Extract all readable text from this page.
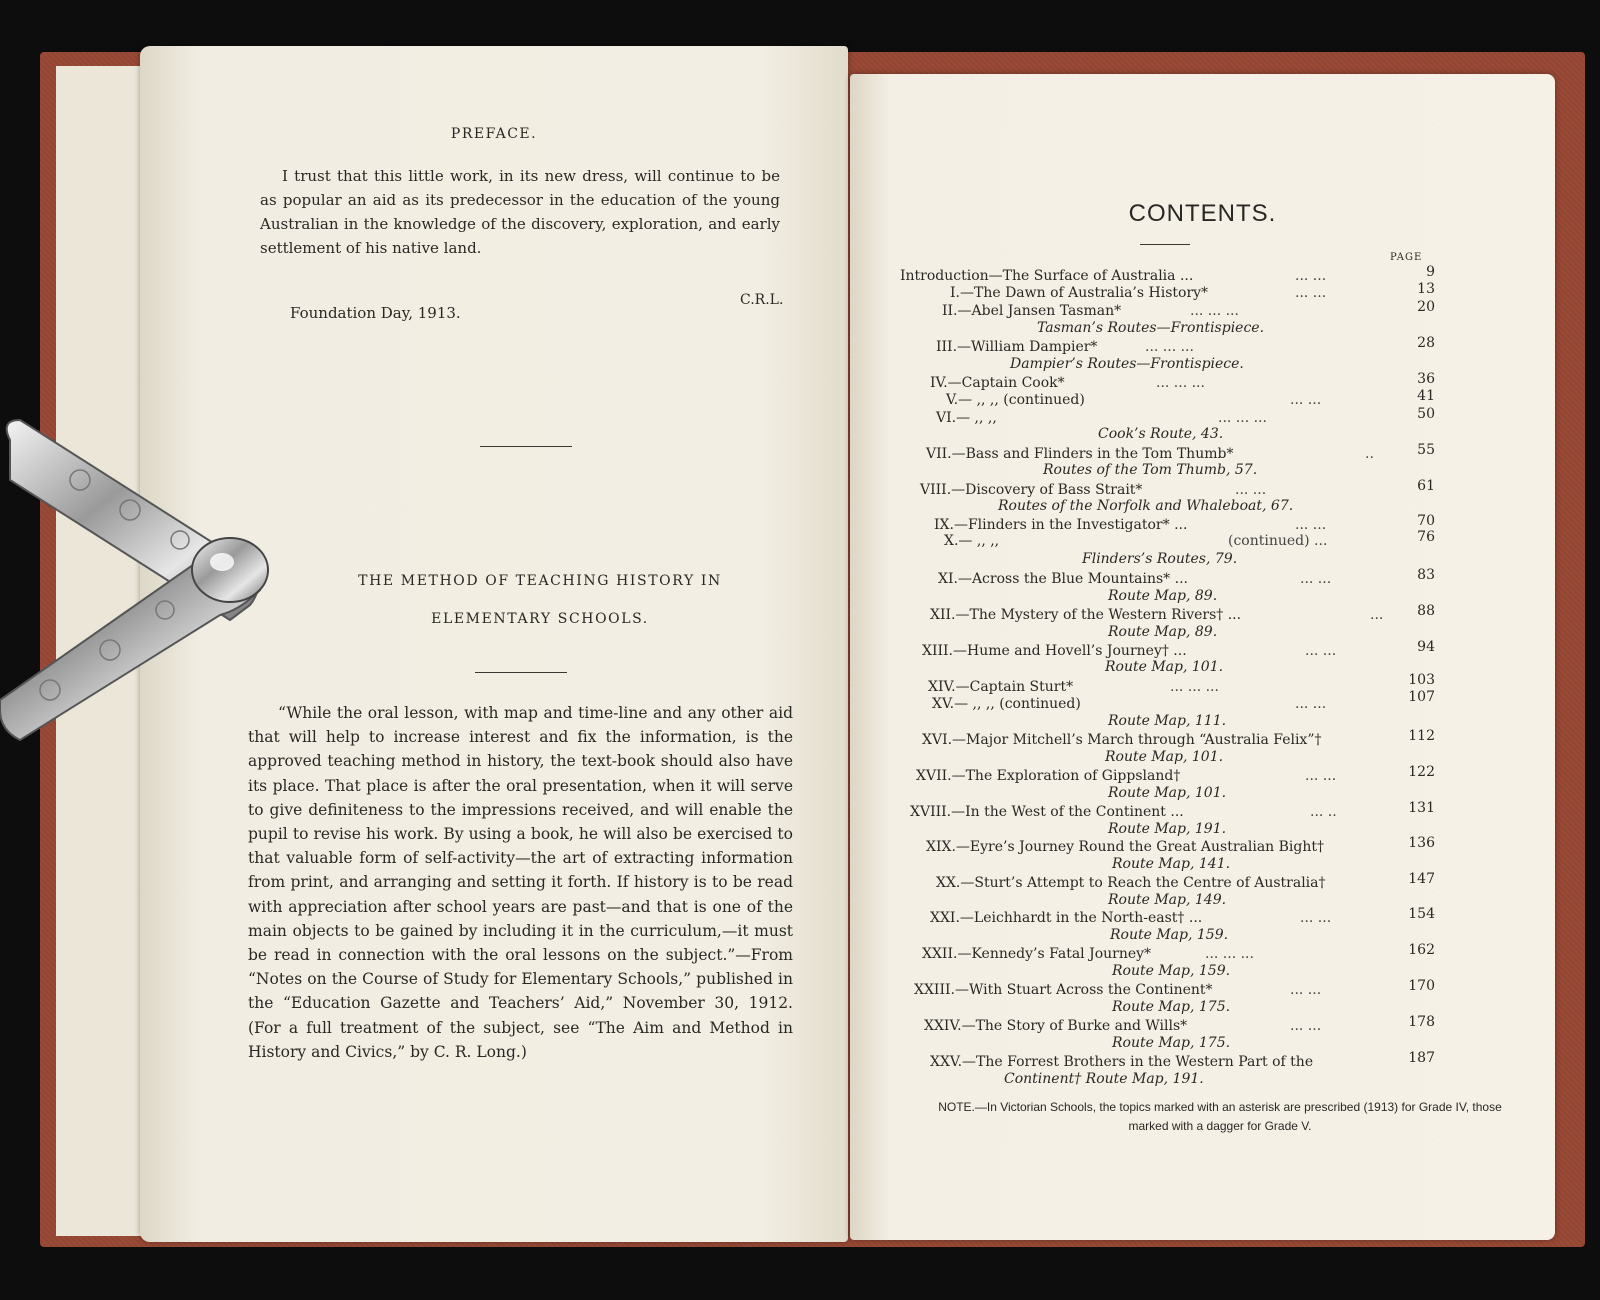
PREFACE.
I trust that this little work, in its new dress, will continue to be as popular an aid as its predecessor in the education of the young Australian in the knowledge of the discovery, exploration, and early settlement of his native land.
C.R.L.
Foundation Day, 1913.
THE METHOD OF TEACHING HISTORY IN
ELEMENTARY SCHOOLS.
“While the oral lesson, with map and time-line and any other aid that will help to increase interest and fix the information, is the approved teaching method in history, the text-book should also have its place. That place is after the oral presentation, when it will serve to give definiteness to the impressions received, and will enable the pupil to revise his work. By using a book, he will also be exercised to that valuable form of self-activity—the art of extracting information from print, and arranging and setting it forth. If history is to be read with appreciation after school years are past—and that is one of the main objects to be gained by including it in the curriculum,—it must be read in connection with the oral lessons on the subject.”—From “Notes on the Course of Study for Elementary Schools,” published in the “Education Gazette and Teachers’ Aid,” November 30, 1912. (For a full treatment of the subject, see “The Aim and Method in History and Civics,” by C. R. Long.)
CONTENTS.
PAGE
Introduction—The Surface of Australia ...	... ...	9
I.—The Dawn of Australia’s History*	... ...	13
II.—Abel Jansen Tasman*	... ... ...	20
Tasman’s Routes—Frontispiece.
III.—William Dampier*	... ... ...	28
Dampier’s Routes—Frontispiece.
IV.—Captain Cook*	... ... ...	36
V.— ,, ,, (continued)	... ...	41
VI.— ,, ,,	... ... ...	50
Cook’s Route, 43.
VII.—Bass and Flinders in the Tom Thumb*	..	55
Routes of the Tom Thumb, 57.
VIII.—Discovery of Bass Strait*	... ...	61
Routes of the Norfolk and Whaleboat, 67.
IX.—Flinders in the Investigator* ...	... ...	70
X.— ,, ,,	(continued) ...	76
Flinders’s Routes, 79.
XI.—Across the Blue Mountains* ...	... ...	83
Route Map, 89.
XII.—The Mystery of the Western Rivers† ...	...	88
Route Map, 89.
XIII.—Hume and Hovell’s Journey† ...	... ...	94
Route Map, 101.
XIV.—Captain Sturt*	... ... ...	103
XV.— ,, ,, (continued)	... ...	107
Route Map, 111.
XVI.—Major Mitchell’s March through “Australia Felix”†	112
Route Map, 101.
XVII.—The Exploration of Gippsland†	... ...	122
Route Map, 101.
XVIII.—In the West of the Continent ...	... ..	131
Route Map, 191.
XIX.—Eyre’s Journey Round the Great Australian Bight†	136
Route Map, 141.
XX.—Sturt’s Attempt to Reach the Centre of Australia†	147
Route Map, 149.
XXI.—Leichhardt in the North-east† ...	... ...	154
Route Map, 159.
XXII.—Kennedy’s Fatal Journey*	... ... ...	162
Route Map, 159.
XXIII.—With Stuart Across the Continent*	... ...	170
Route Map, 175.
XXIV.—The Story of Burke and Wills*	... ...	178
Route Map, 175.
XXV.—The Forrest Brothers in the Western Part of the	187
Continent† Route Map, 191.
NOTE.—In Victorian Schools, the topics marked with an asterisk are prescribed (1913) for Grade IV, those marked with a dagger for Grade V.
